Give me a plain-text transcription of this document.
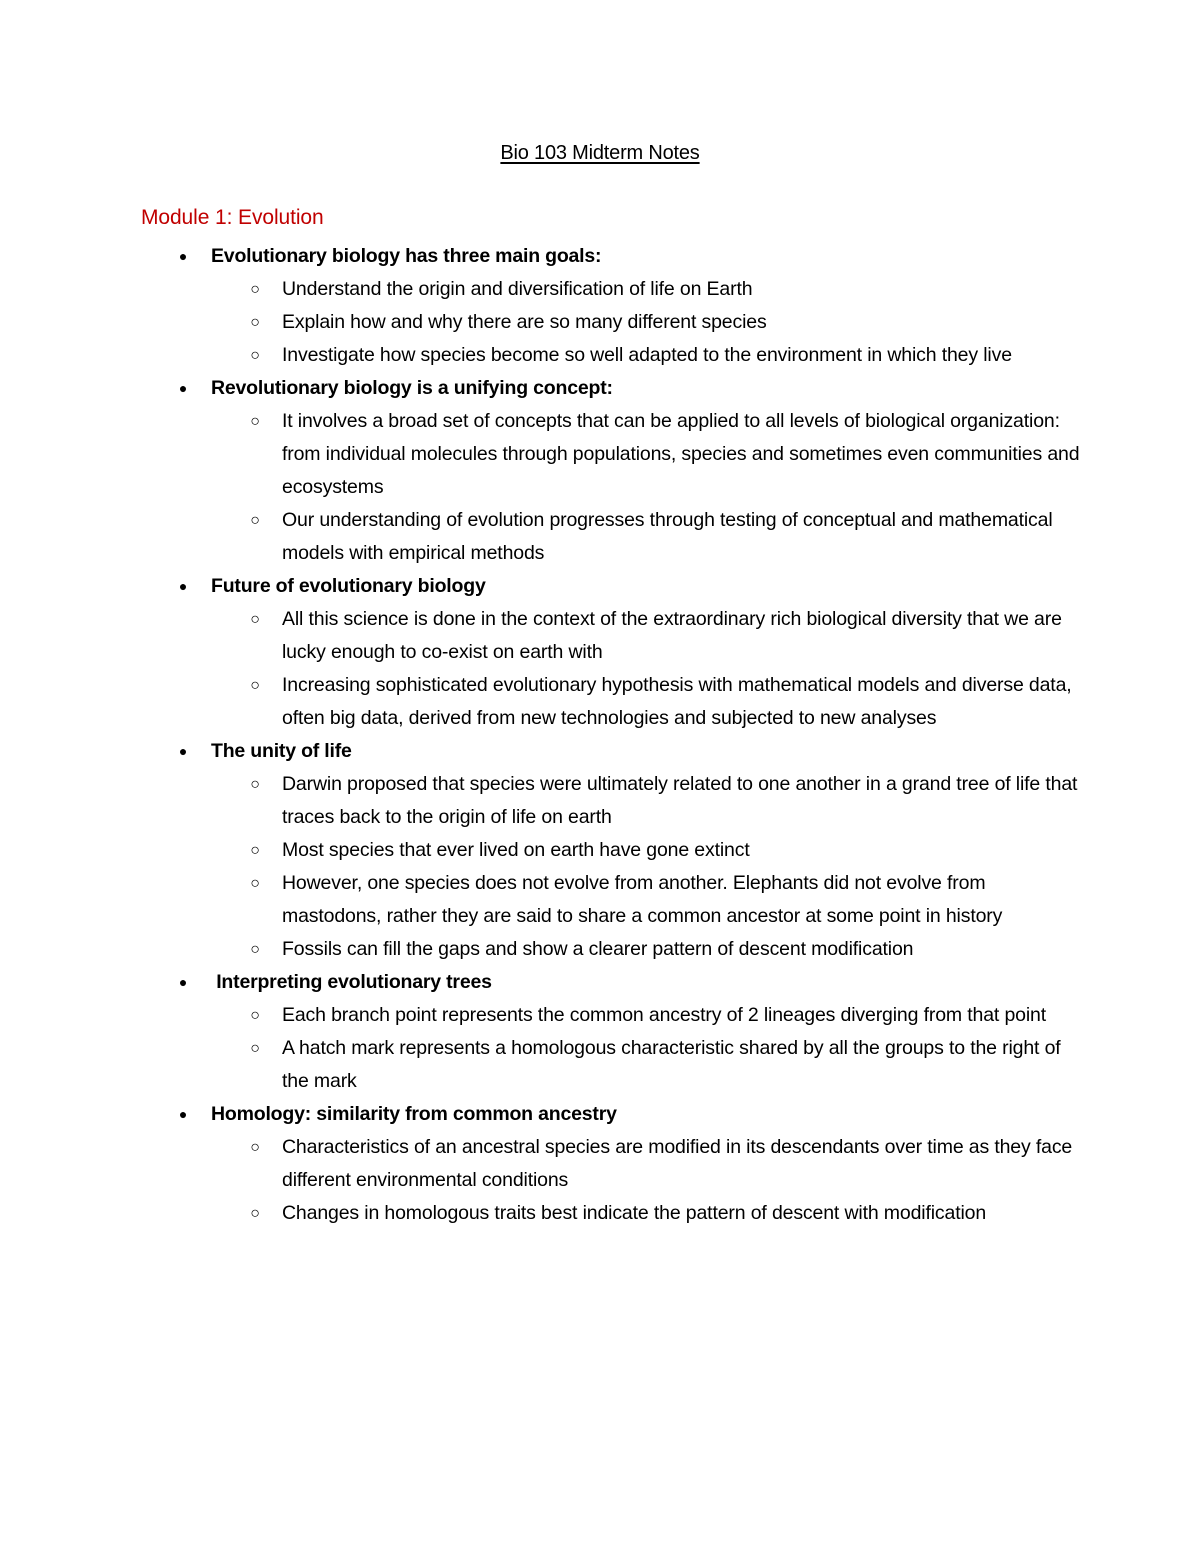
Bio 103 Midterm Notes
Module 1: Evolution
● Evolutionary biology has three main goals:
○ Understand the origin and diversification of life on Earth
○ Explain how and why there are so many different species
○ Investigate how species become so well adapted to the environment in which they live
● Revolutionary biology is a unifying concept:
○ It involves a broad set of concepts that can be applied to all levels of biological organization: from individual molecules through populations, species and sometimes even communities and ecosystems
○ Our understanding of evolution progresses through testing of conceptual and mathematical models with empirical methods
● Future of evolutionary biology
○ All this science is done in the context of the extraordinary rich biological diversity that we are lucky enough to co-exist on earth with
○ Increasing sophisticated evolutionary hypothesis with mathematical models and diverse data, often big data, derived from new technologies and subjected to new analyses
● The unity of life
○ Darwin proposed that species were ultimately related to one another in a grand tree of life that traces back to the origin of life on earth
○ Most species that ever lived on earth have gone extinct
○ However, one species does not evolve from another. Elephants did not evolve from mastodons, rather they are said to share a common ancestor at some point in history
○ Fossils can fill the gaps and show a clearer pattern of descent modification
● Interpreting evolutionary trees
○ Each branch point represents the common ancestry of 2 lineages diverging from that point
○ A hatch mark represents a homologous characteristic shared by all the groups to the right of the mark
● Homology: similarity from common ancestry
○ Characteristics of an ancestral species are modified in its descendants over time as they face different environmental conditions
○ Changes in homologous traits best indicate the pattern of descent with modification
